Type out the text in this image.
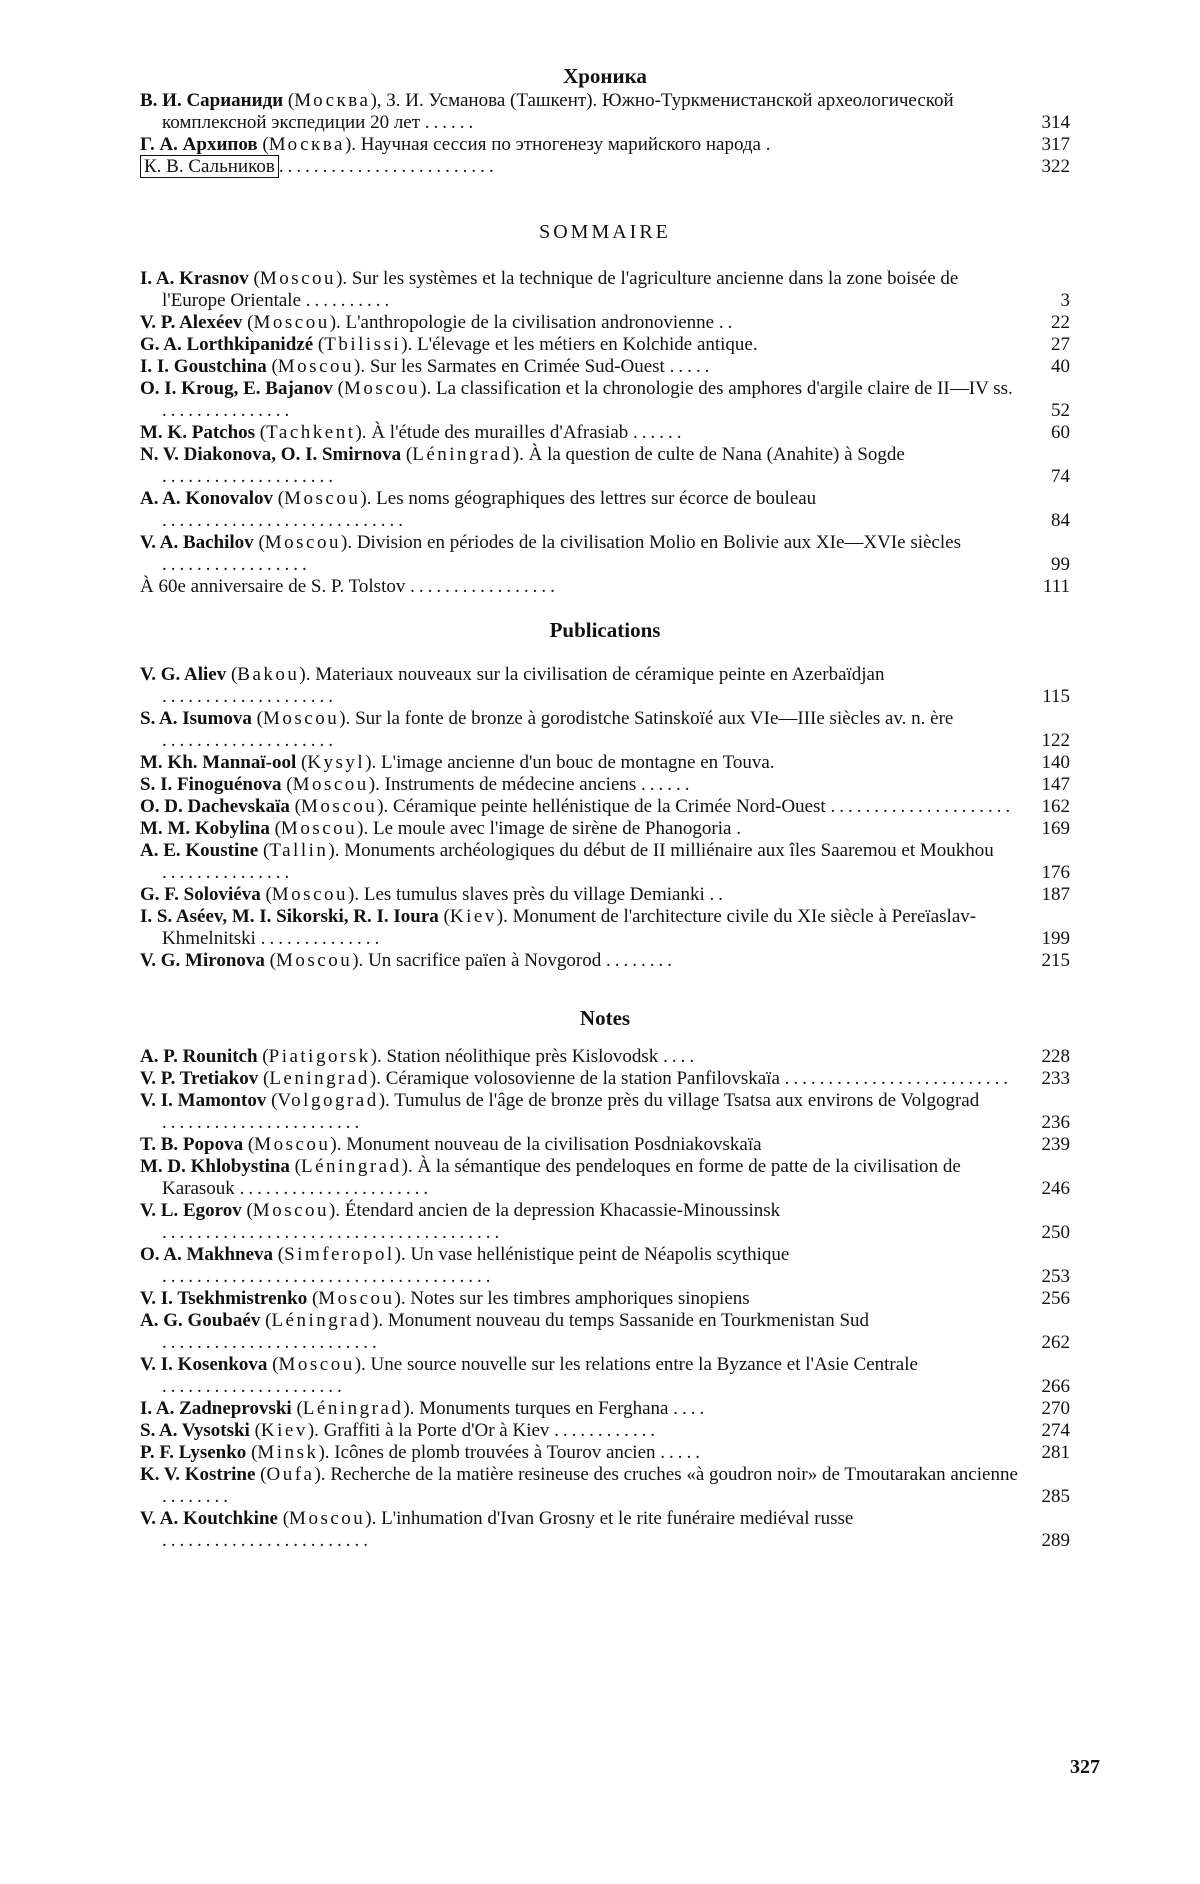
Хроника
В. И. Сарианиди (Москва), З. И. Усманова (Ташкент). Южно-Туркменистанской археологической комплексной экспедиции 20 лет ......	314
Г. А. Архипов (Москва). Научная сессия по этногенезу марийского народа .	317
К. В. Сальников .........................	322
SOMMAIRE
I. A. Krasnov (Moscou). Sur les systèmes et la technique de l'agriculture ancienne dans la zone boisée de l'Europe Orientale ..........	3
V. P. Alexéev (Moscou). L'anthropologie de la civilisation andronovienne ..	22
G. A. Lorthkipanidzé (Tbilissi). L'élevage et les métiers en Kolchide antique.	27
I. I. Goustchina (Moscou). Sur les Sarmates en Crimée Sud-Ouest .....	40
O. I. Kroug, E. Bajanov (Moscou). La classification et la chronologie des amphores d'argile claire de II—IV ss. ...............	52
M. K. Patchos (Tachkent). À l'étude des murailles d'Afrasiab ......	60
N. V. Diakonova, O. I. Smirnova (Léningrad). À la question de culte de Nana (Anahite) à Sogde ....................	74
A. A. Konovalov (Moscou). Les noms géographiques des lettres sur écorce de bouleau ............................	84
V. A. Bachilov (Moscou). Division en périodes de la civilisation Molio en Bolivie aux XIe—XVIe siècles .................	99
À 60e anniversaire de S. P. Tolstov .................	111
Publications
V. G. Aliev (Bakou). Materiaux nouveaux sur la civilisation de céramique peinte en Azerbaïdjan ....................	115
S. A. Isumova (Moscou). Sur la fonte de bronze à gorodistche Satinskoïé aux VIe—IIIe siècles av. n. ère ....................	122
M. Kh. Mannaï-ool (Kysyl). L'image ancienne d'un bouc de montagne en Touva.	140
S. I. Finoguénova (Moscou). Instruments de médecine anciens ......	147
O. D. Dachevskaïa (Moscou). Céramique peinte hellénistique de la Crimée Nord-Ouest .....................	162
M. M. Kobylina (Moscou). Le moule avec l'image de sirène de Phanogoria .	169
A. E. Koustine (Tallin). Monuments archéologiques du début de II milliénaire aux îles Saaremou et Moukhou ...............	176
G. F. Soloviéva (Moscou). Les tumulus slaves près du village Demianki ..	187
I. S. Aséev, M. I. Sikorski, R. I. Ioura (Kiev). Monument de l'architecture civile du XIe siècle à Pereïaslav-Khmelnitski ..............	199
V. G. Mironova (Moscou). Un sacrifice païen à Novgorod ........	215
Notes
A. P. Rounitch (Piatigorsk). Station néolithique près Kislovodsk ....	228
V. P. Tretiakov (Leningrad). Céramique volosovienne de la station Panfilovskaïa ..........................	233
V. I. Mamontov (Volgograd). Tumulus de l'âge de bronze près du village Tsatsa aux environs de Volgograd .......................	236
T. B. Popova (Moscou). Monument nouveau de la civilisation Posdniakovskaïa	239
M. D. Khlobystina (Léningrad). À la sémantique des pendeloques en forme de patte de la civilisation de Karasouk ......................	246
V. L. Egorov (Moscou). Étendard ancien de la depression Khacassie-Minoussinsk .......................................	250
O. A. Makhneva (Simferopol). Un vase hellénistique peint de Néapolis scythique ......................................	253
V. I. Tsekhmistrenko (Moscou). Notes sur les timbres amphoriques sinopiens	256
A. G. Goubaév (Léningrad). Monument nouveau du temps Sassanide en Tourkmenistan Sud .........................	262
V. I. Kosenkova (Moscou). Une source nouvelle sur les relations entre la Byzance et l'Asie Centrale .....................	266
I. A. Zadneprovski (Léningrad). Monuments turques en Ferghana ....	270
S. A. Vysotski (Kiev). Graffiti à la Porte d'Or à Kiev ............	274
P. F. Lysenko (Minsk). Icônes de plomb trouvées à Tourov ancien .....	281
K. V. Kostrine (Oufa). Recherche de la matière resineuse des cruches «à goudron noir» de Tmoutarakan ancienne ........	285
V. A. Koutchkine (Moscou). L'inhumation d'Ivan Grosny et le rite funéraire mediéval russe ........................	289
327
